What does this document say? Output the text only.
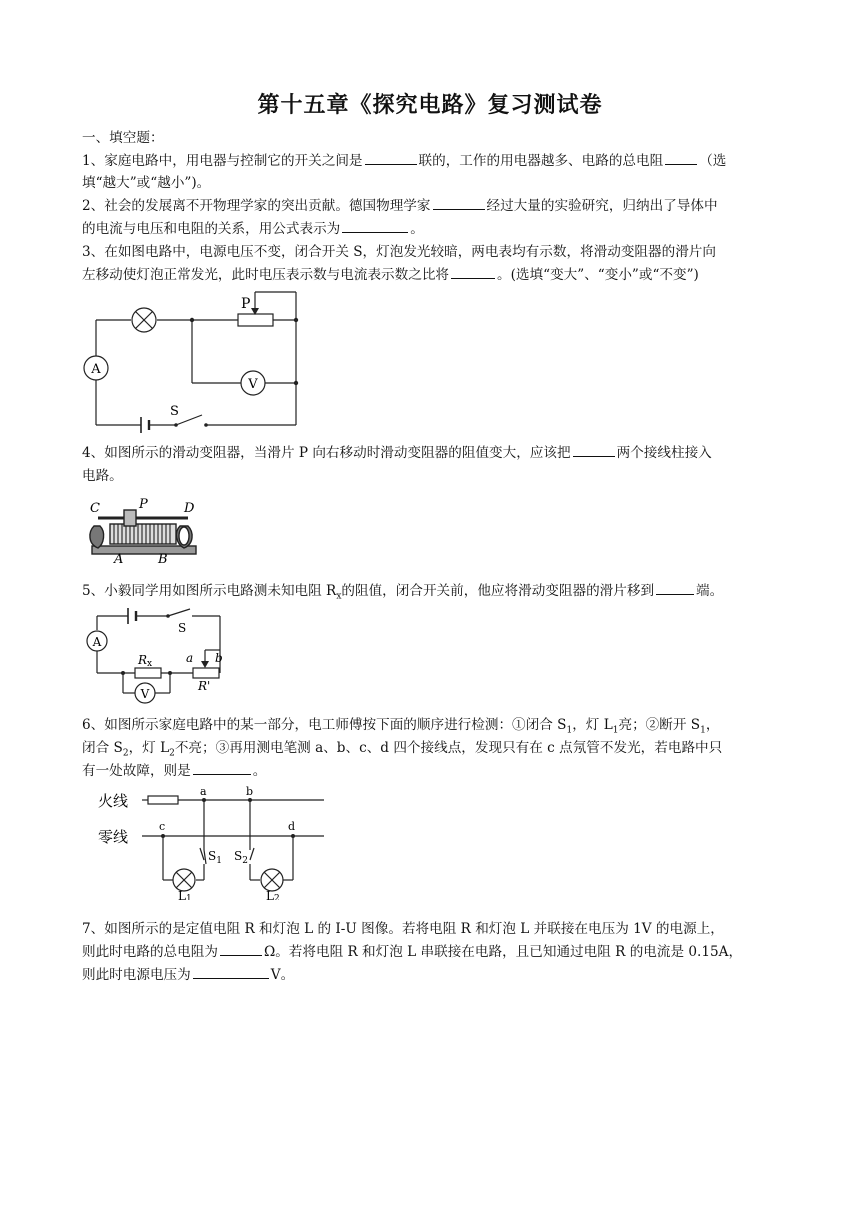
第十五章《探究电路》复习测试卷
一、填空题：
1、家庭电路中，用电器与控制它的开关之间是	联的，工作的用电器越多、电路的总电阻	（选
填“越大”或“越小”)。
2、社会的发展离不开物理学家的突出贡献。德国物理学家	经过大量的实验研究，归纳出了导体中
的电流与电压和电阻的关系，用公式表示为	。
3、在如图电路中，电源电压不变，闭合开关 S，灯泡发光较暗，两电表均有示数，将滑动变阻器的滑片向
左移动使灯泡正常发光，此时电压表示数与电流表示数之比将	。(选填“变大”、“变小”或“不变”)
P
A
V
S
4、如图所示的滑动变阻器，当滑片 P 向右移动时滑动变阻器的阻值变大，应该把	两个接线柱接入
电路。
C	P	D
A	B
5、小毅同学用如图所示电路测未知电阻 $R_x$的阻值，闭合开关前，他应将滑动变阻器的滑片移到	端。
A
S
Rx	a b
R'
V
6、如图所示家庭电路中的某一部分，电工师傅按下面的顺序进行检测：①闭合 $S_1$，灯 $L_1$亮；②断开 $S_1$，
闭合 $S_2$，灯 $L_2$不亮；③再用测电笔测 a、b、c、d 四个接线点，发现只有在 c 点氖管不发光，若电路中只
有一处故障，则是	。
火线
零线
a	b
c	d
$S_1$ $S_2$
L1	L2
7、如图所示的是定值电阻 R 和灯泡 L 的 I-U 图像。若将电阻 R 和灯泡 L 并联接在电压为 1V 的电源上，
则此时电路的总电阻为	Ω。若将电阻 R 和灯泡 L 串联接在电路，且已知通过电阻 R 的电流是 0.15A，
则此时电源电压为	V。
